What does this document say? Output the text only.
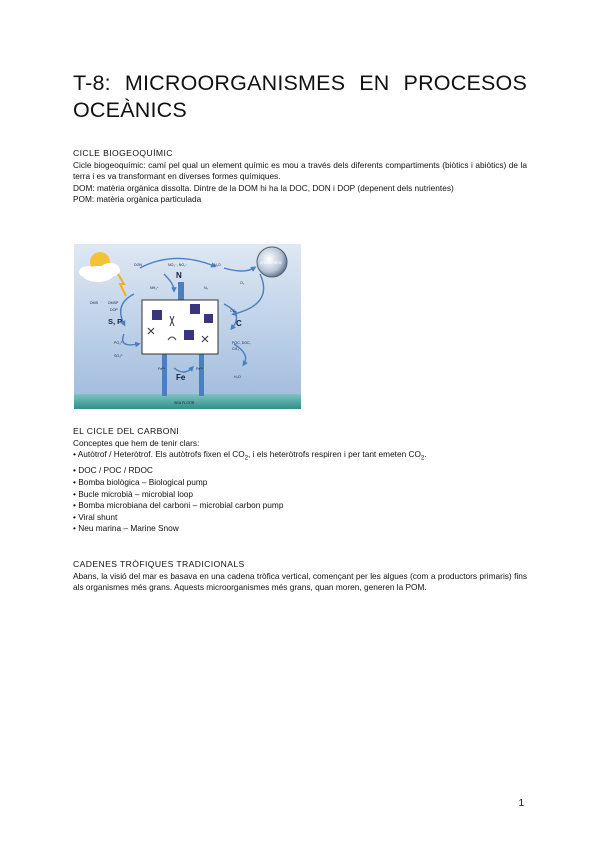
T-8: MICROORGANISMES EN PROCESOS OCEÀNICS
CICLE BIOGEOQUÍMIC

Cicle biogeoquímic: camí pel qual un element químic es mou a través dels diferents compartiments (biòtics i abiòtics) de la terra i es va transformant en diverses formes químiques.

DOM: matèria orgànica dissolta. Dintre de la DOM hi ha la DOC, DON i DOP (depenent dels nutrientes)

POM: matèria orgànica particulada

N
S, P	C
Fe
DON	NO₃⁻, NO₂⁻	N₂O
NH₄⁺	N₂
O₂
CO₂
DMS	DMSP
DOP
PO₄³⁻
SO₄²⁻
POC, DOC,
CH₄
H₂O
Fe²⁺	Fe³⁺
ATMOSPHERE
SEA FLOOR
EL CICLE DEL CARBONI

Conceptes que hem de tenir clars:

• Autòtrof / Heteròtrof. Els autòtrofs fixen el $CO_2$, i els heteròtrofs respiren i per tant emeten $CO_2$.
• DOC / POC / RDOC
• Bomba biològica – Biological pump
• Bucle microbià – microbial loop
• Bomba microbiana del carboni – microbial carbon pump
• Viral shunt
• Neu marina – Marine Snow
CADENES TRÒFIQUES TRADICIONALS

Abans, la visió del mar es basava en una cadena tròfica vertical, començant per les algues (com a productors primaris) fins als organismes més grans. Aquests microorganismes més grans, quan moren, generen la POM.

1
